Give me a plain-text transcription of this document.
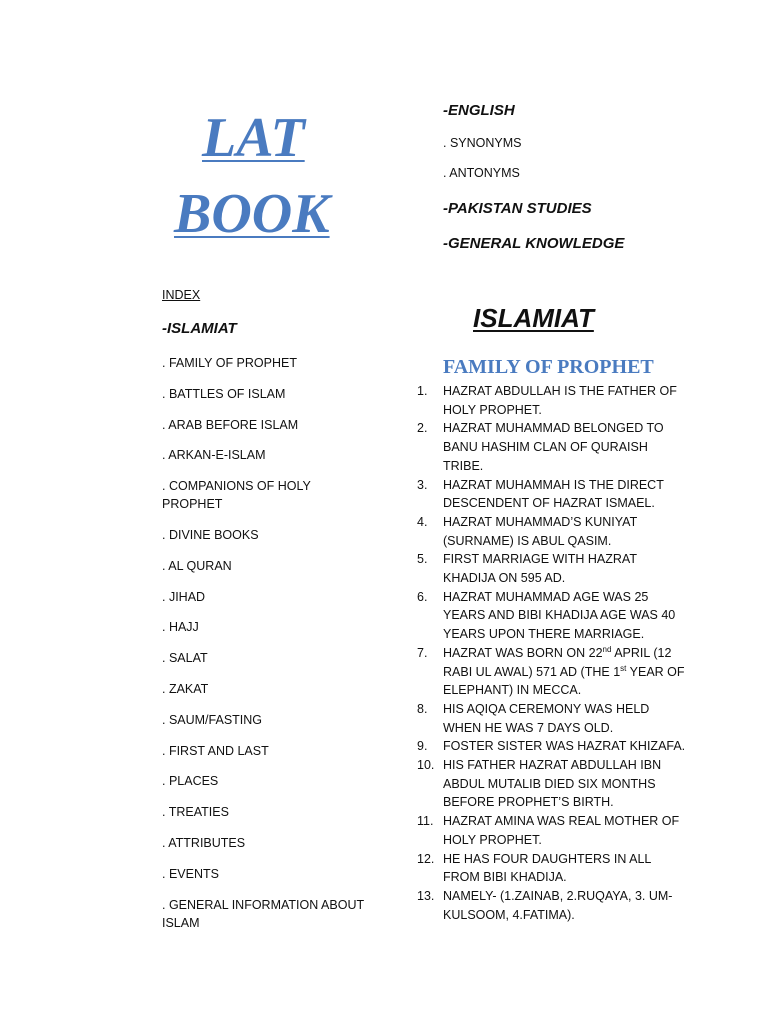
LAT
BOOK

-ENGLISH

. SYNONYMS

. ANTONYMS

-PAKISTAN STUDIES

-GENERAL KNOWLEDGE

INDEX

-ISLAMIAT

. FAMILY OF PROPHET
. BATTLES OF ISLAM
. ARAB BEFORE ISLAM
. ARKAN-E-ISLAM
. COMPANIONS OF HOLY PROPHET
. DIVINE BOOKS
. AL QURAN
. JIHAD
. HAJJ
. SALAT
. ZAKAT
. SAUM/FASTING
. FIRST AND LAST
. PLACES
. TREATIES
. ATTRIBUTES
. EVENTS
. GENERAL INFORMATION ABOUT ISLAM

ISLAMIAT

FAMILY OF PROPHET

1.	HAZRAT ABDULLAH IS THE FATHER OF HOLY PROPHET.
2.	HAZRAT MUHAMMAD BELONGED TO BANU HASHIM CLAN OF QURAISH TRIBE.
3.	HAZRAT MUHAMMAH IS THE DIRECT DESCENDENT OF HAZRAT ISMAEL.
4.	HAZRAT MUHAMMAD’S KUNIYAT (SURNAME) IS ABUL QASIM.
5.	FIRST MARRIAGE WITH HAZRAT KHADIJA ON 595 AD.
6.	HAZRAT MUHAMMAD AGE WAS 25 YEARS AND BIBI KHADIJA AGE WAS 40 YEARS UPON THERE MARRIAGE.
7.	HAZRAT WAS BORN ON 22nd APRIL (12 RABI UL AWAL) 571 AD (THE 1st YEAR OF ELEPHANT) IN MECCA.
8.	HIS AQIQA CEREMONY WAS HELD WHEN HE WAS 7 DAYS OLD.
9.	FOSTER SISTER WAS HAZRAT KHIZAFA.
10. HIS FATHER HAZRAT ABDULLAH IBN ABDUL MUTALIB DIED SIX MONTHS BEFORE PROPHET’S BIRTH.
11. HAZRAT AMINA WAS REAL MOTHER OF HOLY PROPHET.
12. HE HAS FOUR DAUGHTERS IN ALL FROM BIBI KHADIJA.
13. NAMELY- (1.ZAINAB, 2.RUQAYA, 3. UM-KULSOOM, 4.FATIMA).
